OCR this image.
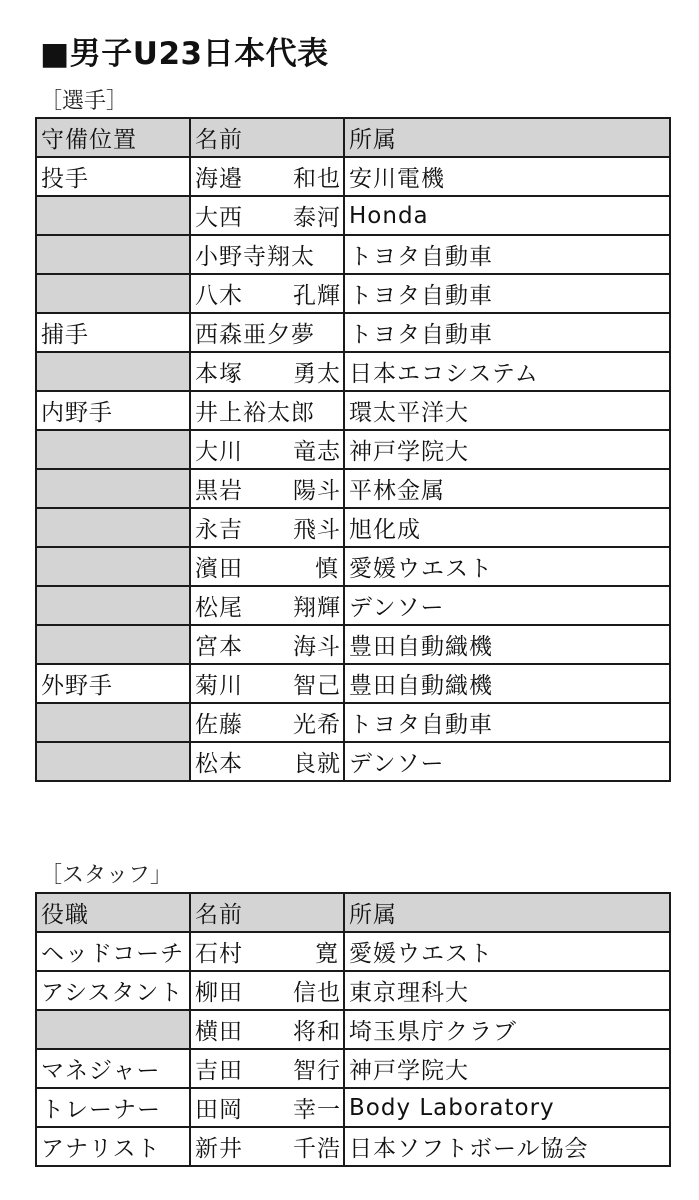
■男子U23日本代表
［選手］
守備位置	名前	所属
投手	海邉 和也	安川電機
	大西 泰河	Honda
	小野寺翔太	トヨタ自動車
	八木 孔輝	トヨタ自動車
捕手	西森亜夕夢	トヨタ自動車
	本塚 勇太	日本エコシステム
内野手	井上裕太郎	環太平洋大
	大川 竜志	神戸学院大
	黒岩 陽斗	平林金属
	永吉 飛斗	旭化成
	濱田 慎	愛媛ウエスト
	松尾 翔輝	デンソー
	宮本 海斗	豊田自動織機
外野手	菊川 智己	豊田自動織機
	佐藤 光希	トヨタ自動車
	松本 良就	デンソー
［スタッフ」
役職	名前	所属
ヘッドコーチ	石村 寛	愛媛ウエスト
アシスタント	柳田 信也	東京理科大
	横田 将和	埼玉県庁クラブ
マネジャー	吉田 智行	神戸学院大
トレーナー	田岡 幸一	Body Laboratory
アナリスト	新井 千浩	日本ソフトボール協会
